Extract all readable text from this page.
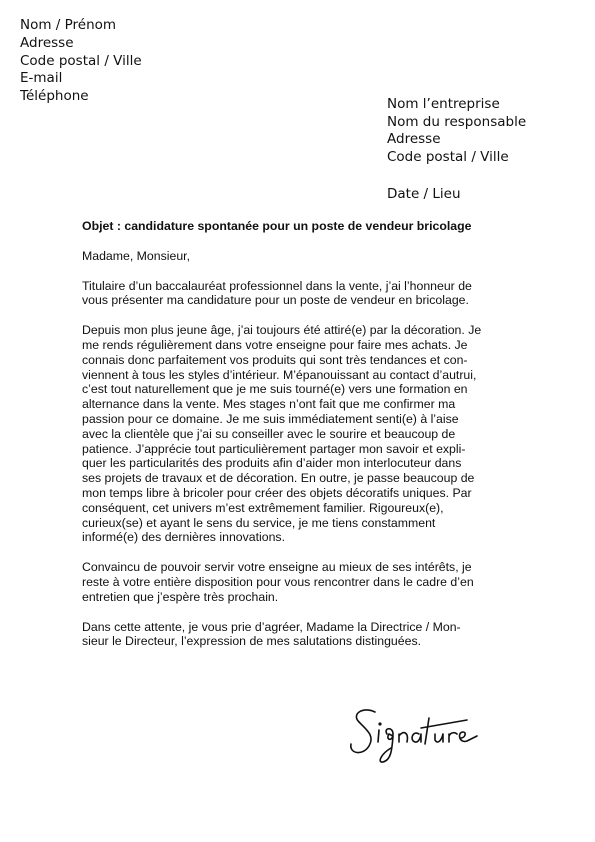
Nom / Prénom
Adresse
Code postal / Ville
E-mail
Téléphone	Nom l’entreprise
Nom du responsable
Adresse
Code postal / Ville
Date / Lieu
Objet : candidature spontanée pour un poste de vendeur bricolage
Madame, Monsieur,
Titulaire d’un baccalauréat professionnel dans la vente, j’ai l’honneur de
vous présenter ma candidature pour un poste de vendeur en bricolage.
Depuis mon plus jeune âge, j’ai toujours été attiré(e) par la décoration. Je
me rends régulièrement dans votre enseigne pour faire mes achats. Je
connais donc parfaitement vos produits qui sont très tendances et con-
viennent à tous les styles d’intérieur. M’épanouissant au contact d’autrui,
c’est tout naturellement que je me suis tourné(e) vers une formation en
alternance dans la vente. Mes stages n’ont fait que me confirmer ma
passion pour ce domaine. Je me suis immédiatement senti(e) à l’aise
avec la clientèle que j’ai su conseiller avec le sourire et beaucoup de
patience. J’apprécie tout particulièrement partager mon savoir et expli-
quer les particularités des produits afin d’aider mon interlocuteur dans
ses projets de travaux et de décoration. En outre, je passe beaucoup de
mon temps libre à bricoler pour créer des objets décoratifs uniques. Par
conséquent, cet univers m’est extrêmement familier. Rigoureux(e),
curieux(se) et ayant le sens du service, je me tiens constamment
informé(e) des dernières innovations.
Convaincu de pouvoir servir votre enseigne au mieux de ses intérêts, je
reste à votre entière disposition pour vous rencontrer dans le cadre d’en
entretien que j’espère très prochain.
Dans cette attente, je vous prie d’agréer, Madame la Directrice / Mon-
sieur le Directeur, l’expression de mes salutations distinguées.
